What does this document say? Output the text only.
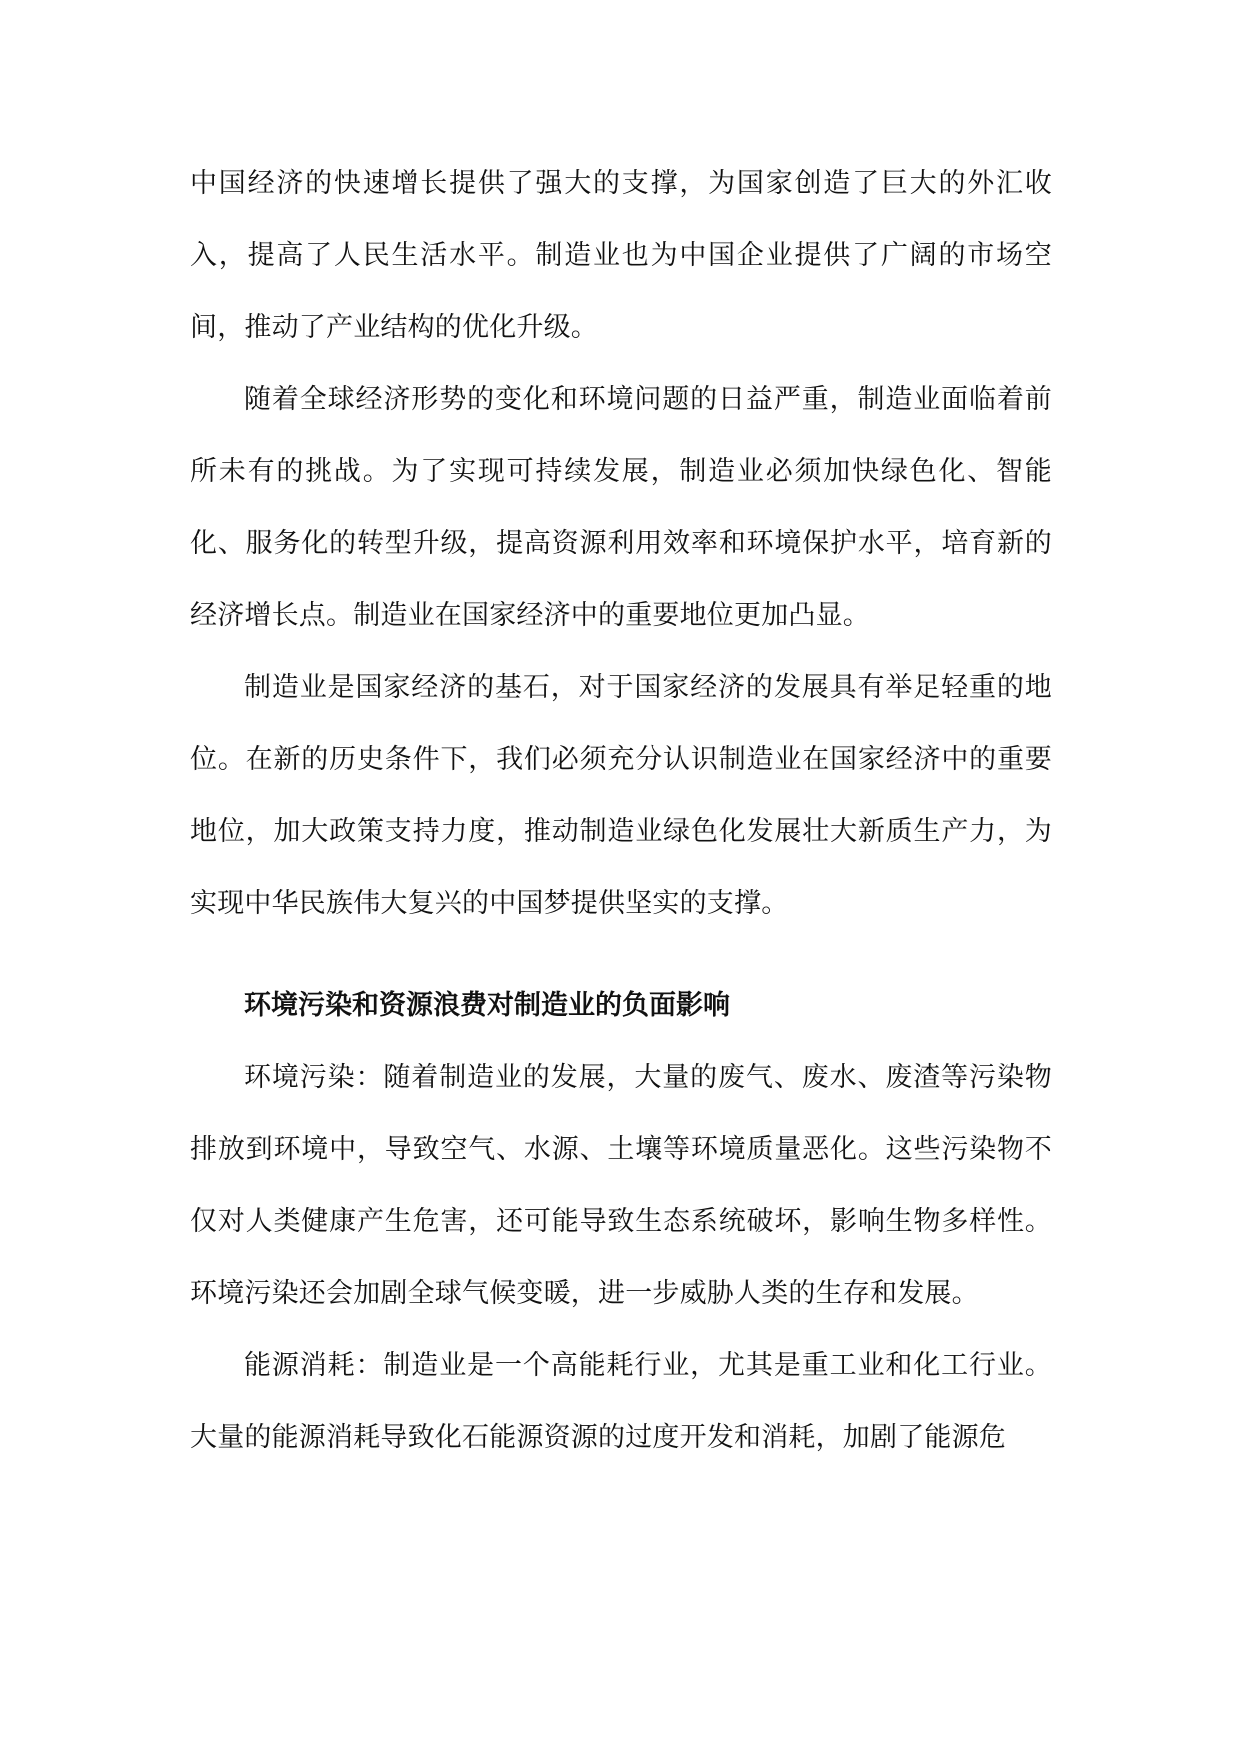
中国经济的快速增长提供了强大的支撑，为国家创造了巨大的外汇收入，提高了人民生活水平。制造业也为中国企业提供了广阔的市场空间，推动了产业结构的优化升级。

随着全球经济形势的变化和环境问题的日益严重，制造业面临着前所未有的挑战。为了实现可持续发展，制造业必须加快绿色化、智能化、服务化的转型升级，提高资源利用效率和环境保护水平，培育新的经济增长点。制造业在国家经济中的重要地位更加凸显。

制造业是国家经济的基石，对于国家经济的发展具有举足轻重的地位。在新的历史条件下，我们必须充分认识制造业在国家经济中的重要地位，加大政策支持力度，推动制造业绿色化发展壮大新质生产力，为实现中华民族伟大复兴的中国梦提供坚实的支撑。

环境污染和资源浪费对制造业的负面影响

环境污染：随着制造业的发展，大量的废气、废水、废渣等污染物排放到环境中，导致空气、水源、土壤等环境质量恶化。这些污染物不仅对人类健康产生危害，还可能导致生态系统破坏，影响生物多样性。环境污染还会加剧全球气候变暖，进一步威胁人类的生存和发展。

能源消耗：制造业是一个高能耗行业，尤其是重工业和化工行业。大量的能源消耗导致化石能源资源的过度开发和消耗，加剧了能源危
